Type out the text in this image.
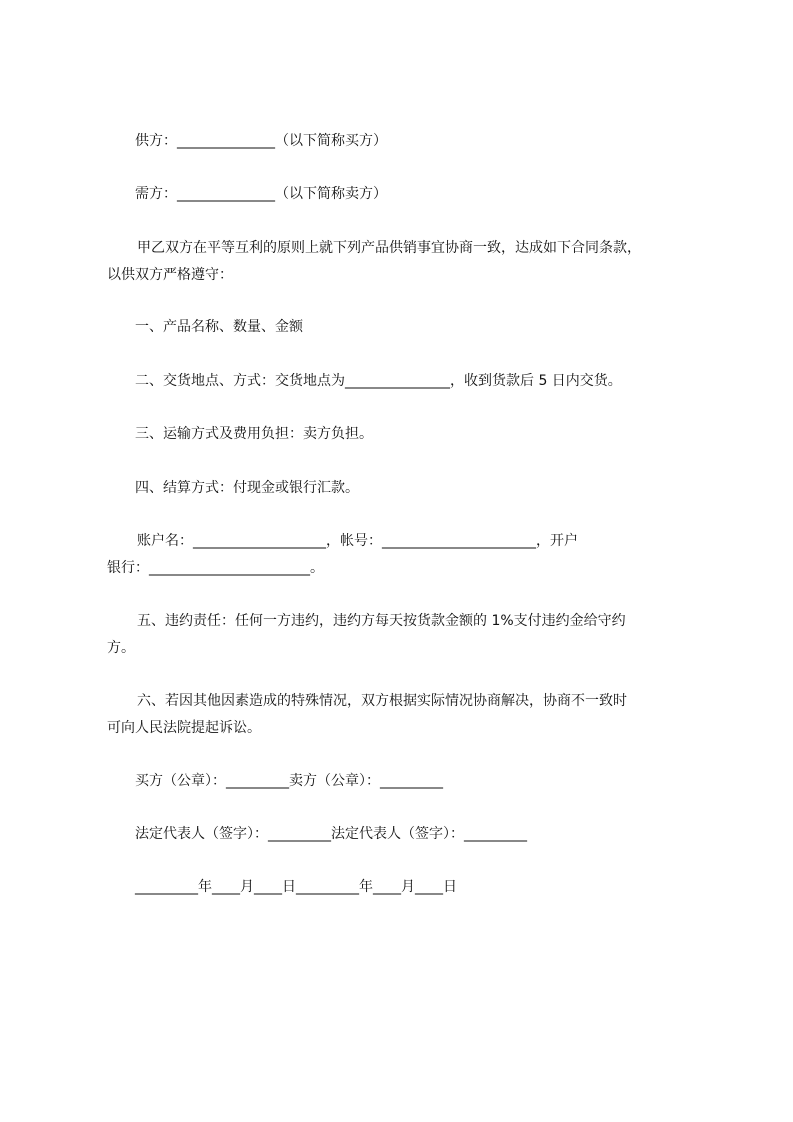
供方：______________（以下简称买方）

需方：______________（以下简称卖方）

甲乙双方在平等互利的原则上就下列产品供销事宜协商一致，达成如下合同条款，

以供双方严格遵守：

一、产品名称、数量、金额

二、交货地点、方式：交货地点为_______________，收到货款后 5 日内交货。

三、运输方式及费用负担：卖方负担。

四、结算方式：付现金或银行汇款。

账户名：___________________，帐号：______________________，开户

银行：_______________________。

五、违约责任：任何一方违约，违约方每天按货款金额的 1%支付违约金给守约

方。

六、若因其他因素造成的特殊情况，双方根据实际情况协商解决，协商不一致时

可向人民法院提起诉讼。

买方（公章）：_________卖方（公章）：_________

法定代表人（签字）：_________法定代表人（签字）：_________

_________年____月____日_________年____月____日
